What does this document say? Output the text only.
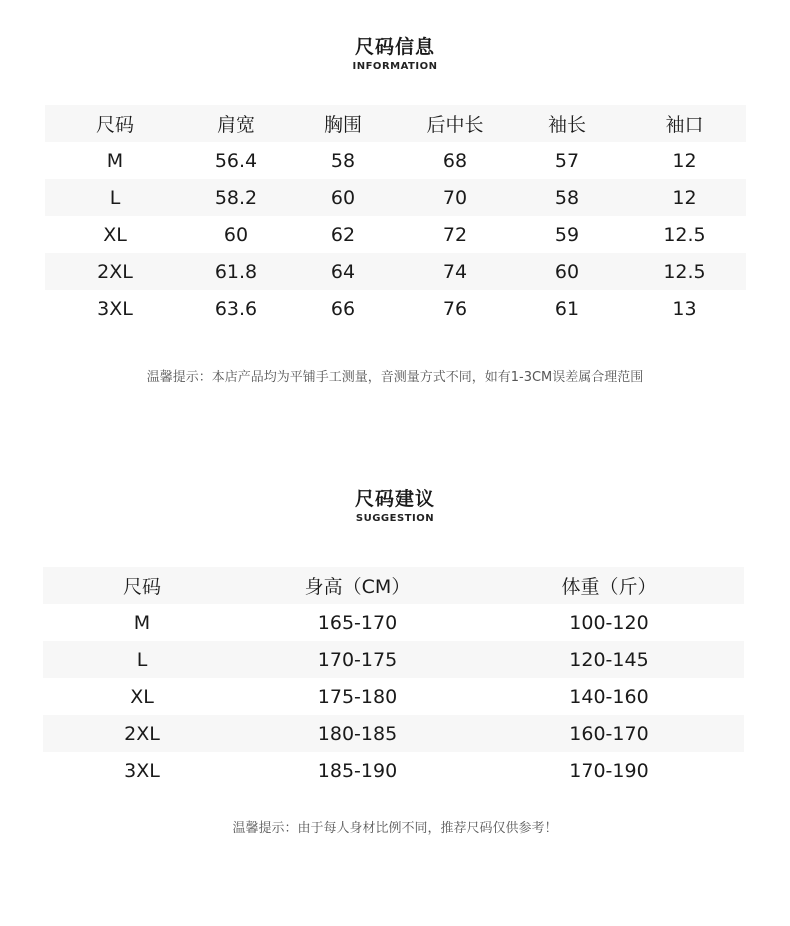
尺码信息
INFORMATION
尺码	肩宽	胸围	后中长	袖长	袖口
M	56.4	58	68	57	12
L	58.2	60	70	58	12
XL	60	62	72	59	12.5
2XL	61.8	64	74	60	12.5
3XL	63.6	66	76	61	13
温馨提示：本店产品均为平铺手工测量，音测量方式不同，如有1-3CM误差属合理范围
尺码建议
SUGGESTION
尺码	身高（CM）	体重（斤）
M	165-170	100-120
L	170-175	120-145
XL	175-180	140-160
2XL	180-185	160-170
3XL	185-190	170-190
温馨提示：由于每人身材比例不同，推荐尺码仅供参考！
